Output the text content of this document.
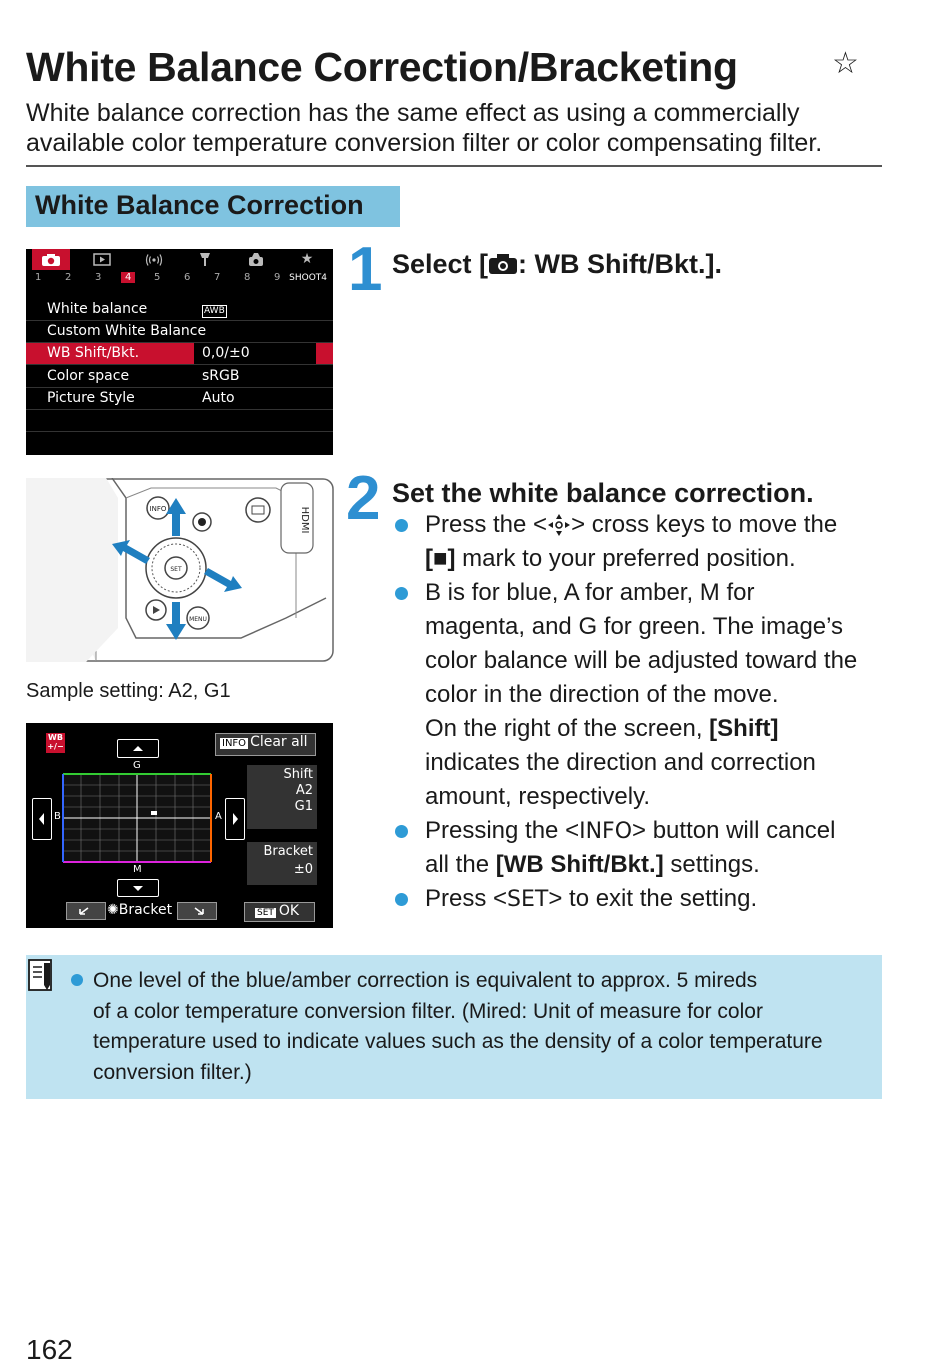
White Balance Correction/Bracketing	☆
White balance correction has the same effect as using a commercially
available color temperature conversion filter or color compensating filter.
White Balance Correction
★
1 2 3	4	5 6 7 8 9 SHOOT4
White balance	AWB
Custom White Balance
WB Shift/Bkt.	0,0/±0
Color space	sRGB
Picture Style	Auto
INFO
SET
MENU
HDMI
Sample setting: A2, G1
WB
+/−	INFO Clear all
G
M
B	A
Shift
A2
G1
Bracket
±0
✺Bracket	SET OK
1 Select [ : WB Shift/Bkt.].
2 Set the white balance correction.
Press the < > cross keys to move the
[■] mark to your preferred position.
B is for blue, A for amber, M for
magenta, and G for green. The image’s
color balance will be adjusted toward the
color in the direction of the move.
On the right of the screen, [Shift]
indicates the direction and correction
amount, respectively.
Pressing the <INFO> button will cancel
all the [WB Shift/Bkt.] settings.
Press <SET> to exit the setting.
One level of the blue/amber correction is equivalent to approx. 5 mireds
of a color temperature conversion filter. (Mired: Unit of measure for color
temperature used to indicate values such as the density of a color temperature
conversion filter.)
162
